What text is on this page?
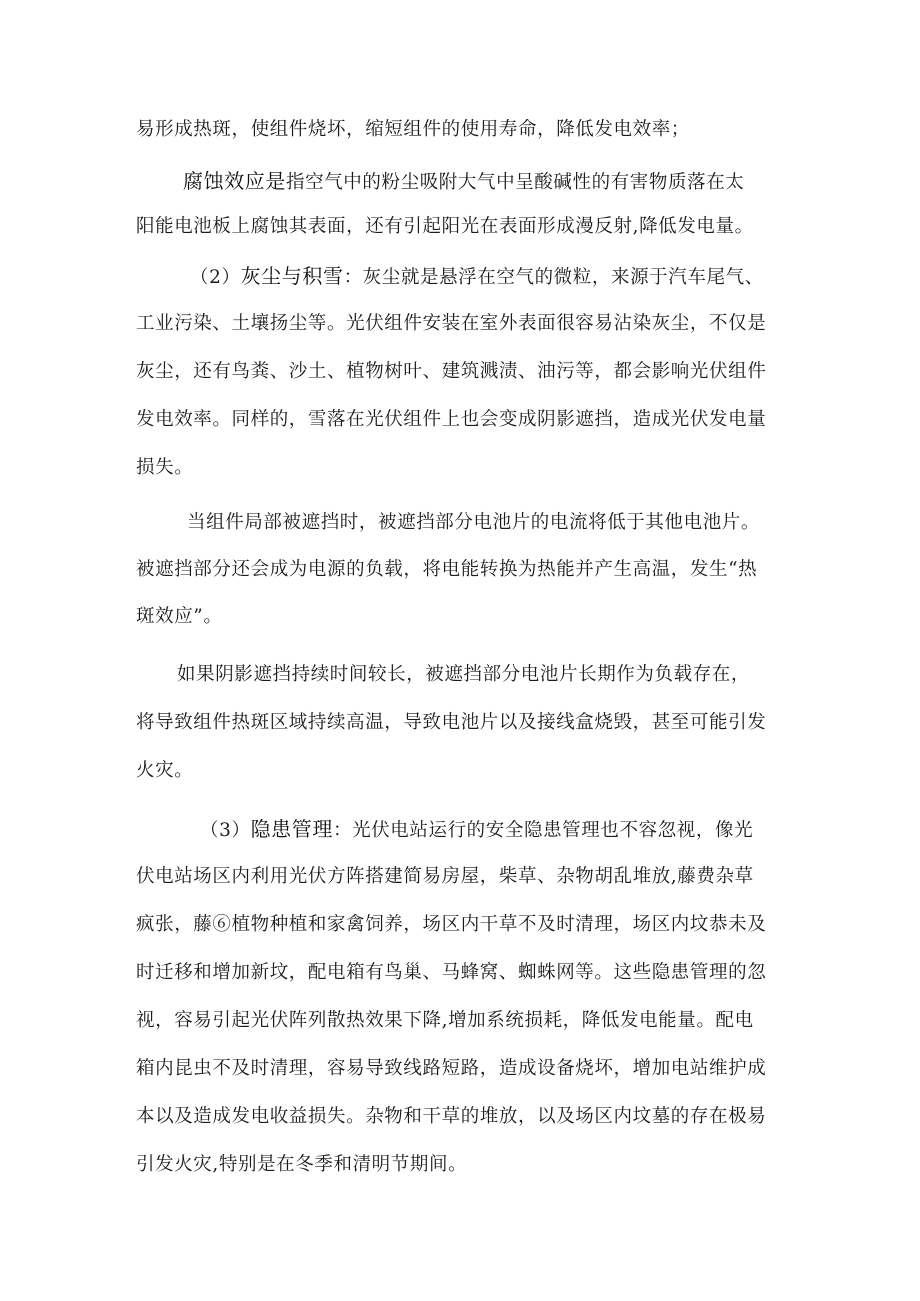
易形成热斑，使组件烧坏，缩短组件的使用寿命，降低发电效率；
腐蚀效应是指空气中的粉尘吸附大气中呈酸碱性的有害物质落在太
阳能电池板上腐蚀其表面，还有引起阳光在表面形成漫反射,降低发电量。
（2）灰尘与积雪：灰尘就是悬浮在空气的微粒，来源于汽车尾气、
工业污染、土壤扬尘等。光伏组件安装在室外表面很容易沾染灰尘，不仅是
灰尘，还有鸟粪、沙土、植物树叶、建筑溅渍、油污等，都会影响光伏组件
发电效率。同样的，雪落在光伏组件上也会变成阴影遮挡，造成光伏发电量
损失。
当组件局部被遮挡时，被遮挡部分电池片的电流将低于其他电池片。
被遮挡部分还会成为电源的负载，将电能转换为热能并产生高温，发生“热
斑效应”。
如果阴影遮挡持续时间较长，被遮挡部分电池片长期作为负载存在，
将导致组件热斑区域持续高温，导致电池片以及接线盒烧毁，甚至可能引发
火灾。
（3）隐患管理：光伏电站运行的安全隐患管理也不容忽视，像光
伏电站场区内利用光伏方阵搭建简易房屋，柴草、杂物胡乱堆放,藤费杂草
疯张，藤⑥植物种植和家禽饲养，场区内干草不及时清理，场区内坟恭未及
时迁移和增加新坟，配电箱有鸟巢、马蜂窝、蜘蛛网等。这些隐患管理的忽
视，容易引起光伏阵列散热效果下降,增加系统损耗，降低发电能量。配电
箱内昆虫不及时清理，容易导致线路短路，造成设备烧坏，增加电站维护成
本以及造成发电收益损失。杂物和干草的堆放，以及场区内坟墓的存在极易
引发火灾,特别是在冬季和清明节期间。
